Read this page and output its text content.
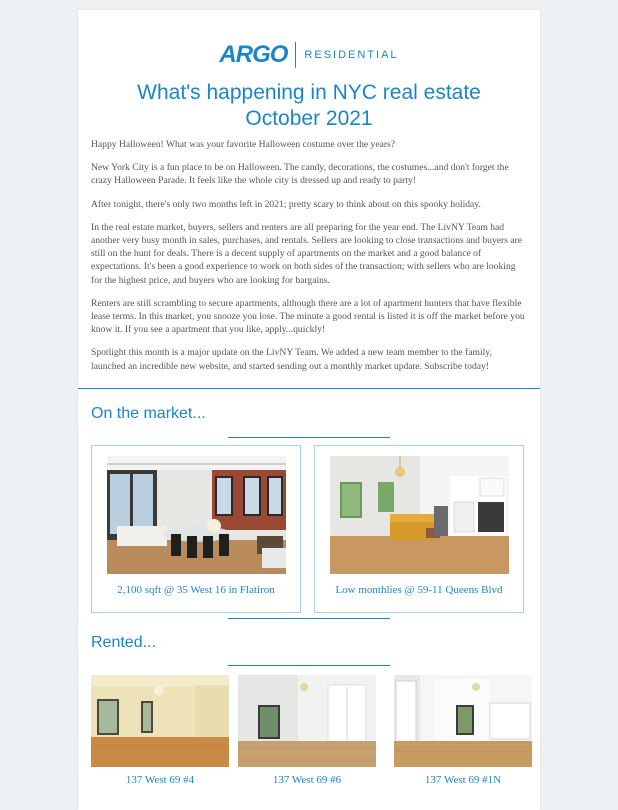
ARGO RESIDENTIAL
What's happening in NYC real estate
October 2021

Happy Halloween! What was your favorite Halloween costume over the years?

New York City is a fun place to be on Halloween. The candy, decorations, the costumes...and don't forget the crazy Halloween Parade. It feels like the whole city is dressed up and ready to party!

After tonight, there's only two months left in 2021; pretty scary to think about on this spooky holiday.

In the real estate market, buyers, sellers and renters are all preparing for the year end. The LivNY Team had another very busy month in sales, purchases, and rentals. Sellers are looking to close transactions and buyers are still on the hunt for deals. There is a decent supply of apartments on the market and a good balance of expectations. It's been a good experience to work on both sides of the transaction; with sellers who are looking for the highest price, and buyers who are looking for bargains.

Renters are still scrambling to secure apartments, although there are a lot of apartment hunters that have flexible lease terms. In this market, you snooze you lose. The minute a good rental is listed it is off the market before you know it. If you see a apartment that you like, apply...quickly!

Spotlight this month is a major update on the LivNY Team. We added a new team member to the family, launched an incredible new website, and started sending out a monthly market update. Subscribe today!

On the market...
2,100 sqft @ 35 West 16 in Flatiron	Low monthlies @ 59-11 Queens Blvd
Rented...
137 West 69 #4	137 West 69 #6	137 West 69 #1N
